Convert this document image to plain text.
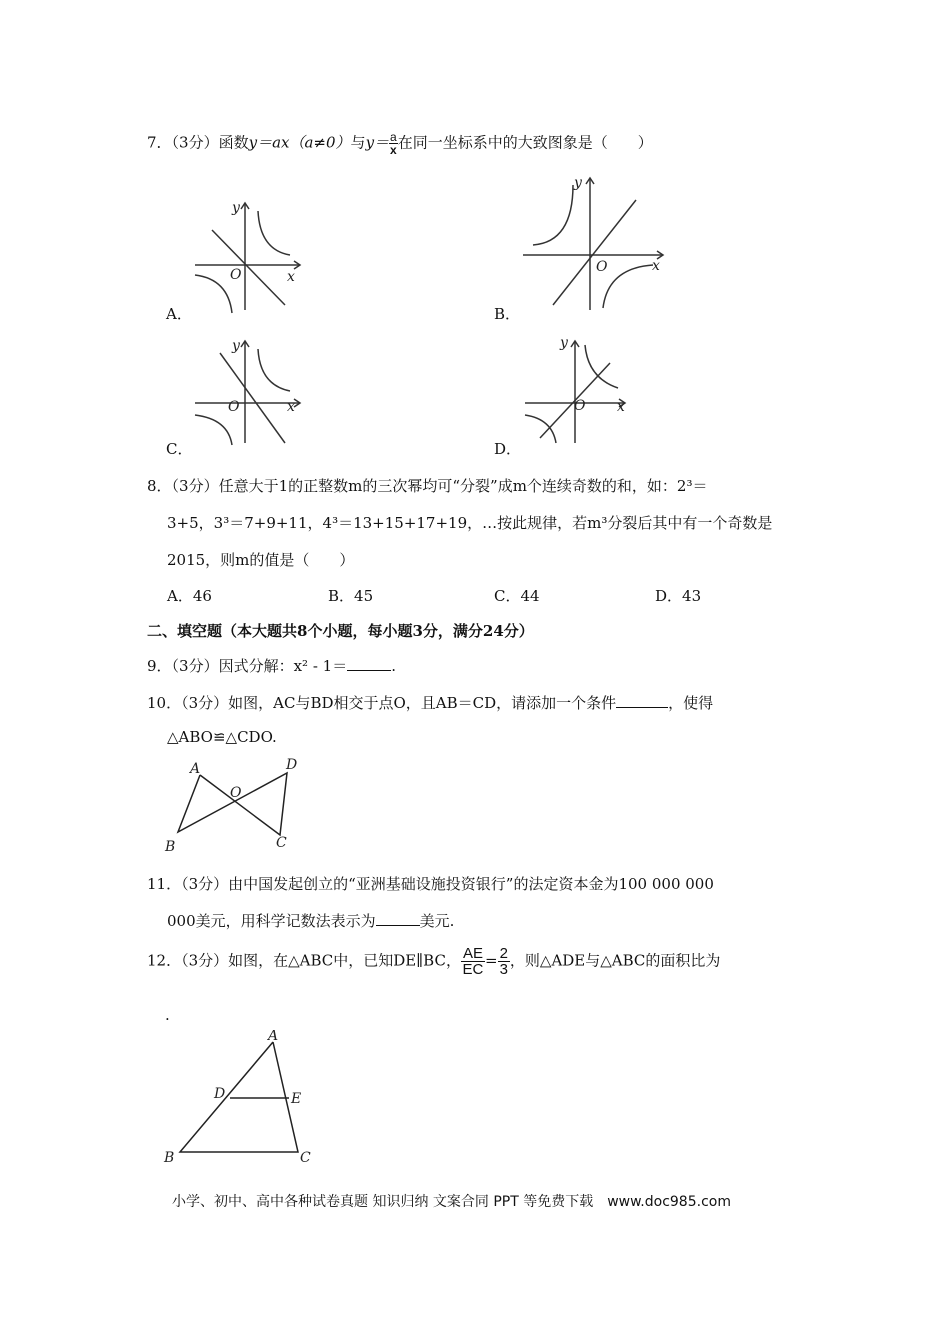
7．（3分）函数y＝ax（a≠0）与$y= \frac{a}{x}$ 在同一坐标系中的大致图象是（　　）
y
x
O
A．
y
x
O
B．
y
x
O
C．
y
x
O
D．
8．（3分）任意大于1的正整数m的三次幂均可“分裂”成m个连续奇数的和，如：2³＝
3+5，3³＝7+9+11，4³＝13+15+17+19，…按此规律，若m³分裂后其中有一个奇数是
2015，则m的值是（　　）
A．46	B．45	C．44	D．43
二、填空题（本大题共8个小题，每小题3分，满分24分）
9．（3分）因式分解：x² - 1＝	.
10．（3分）如图，AC与BD相交于点O，且AB＝CD，请添加一个条件	，使得
△ABO≌△CDO.
A
B	C
D
O
11．（3分）由中国发起创立的“亚洲基础设施投资银行”的法定资本金为100 000 000
000美元，用科学记数法表示为	美元.
12．（3分）如图，在△ABC中，已知DE∥BC， $\frac{AE}{EC} = \frac{2}{3}$ ，则△ADE与△ABC的面积比为
.
A
B	C
D	E
小学、初中、高中各种试卷真题 知识归纳 文案合同 PPT 等免费下载　www.doc985.com
